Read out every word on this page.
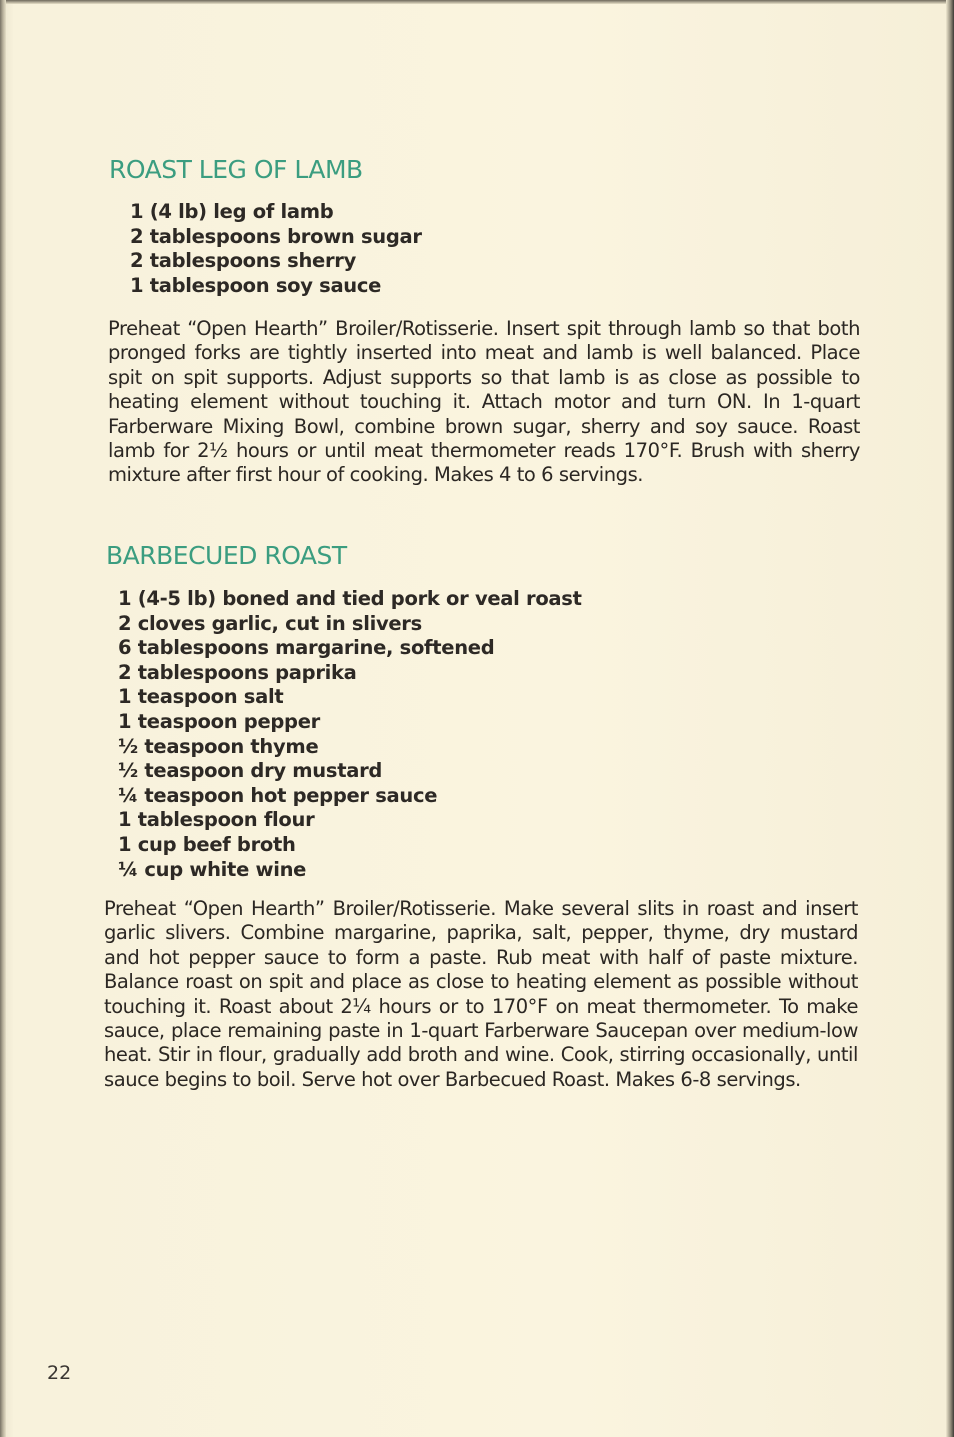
ROAST LEG OF LAMB
1 (4 lb) leg of lamb
2 tablespoons brown sugar
2 tablespoons sherry
1 tablespoon soy sauce

Preheat “Open Hearth” Broiler/Rotisserie. Insert spit through lamb so that both pronged forks are tightly inserted into meat and lamb is well balanced. Place spit on spit supports. Adjust supports so that lamb is as close as possible to heating element without touching it. Attach motor and turn ON. In 1-quart Farberware Mixing Bowl, combine brown sugar, sherry and soy sauce. Roast lamb for 2½ hours or until meat thermometer reads 170°F. Brush with sherry mixture after first hour of cooking. Makes 4 to 6 servings.

BARBECUED ROAST
1 (4-5 lb) boned and tied pork or veal roast
2 cloves garlic, cut in slivers
6 tablespoons margarine, softened
2 tablespoons paprika
1 teaspoon salt
1 teaspoon pepper
½ teaspoon thyme
½ teaspoon dry mustard
¼ teaspoon hot pepper sauce
1 tablespoon flour
1 cup beef broth
¼ cup white wine

Preheat “Open Hearth” Broiler/Rotisserie. Make several slits in roast and insert garlic slivers. Combine margarine, paprika, salt, pepper, thyme, dry mustard and hot pepper sauce to form a paste. Rub meat with half of paste mixture. Balance roast on spit and place as close to heating element as possible without touching it. Roast about 2¼ hours or to 170°F on meat thermometer. To make sauce, place remaining paste in 1-quart Farberware Saucepan over medium-low heat. Stir in flour, gradually add broth and wine. Cook, stirring occasionally, until sauce begins to boil. Serve hot over Barbecued Roast. Makes 6-8 servings.

22
